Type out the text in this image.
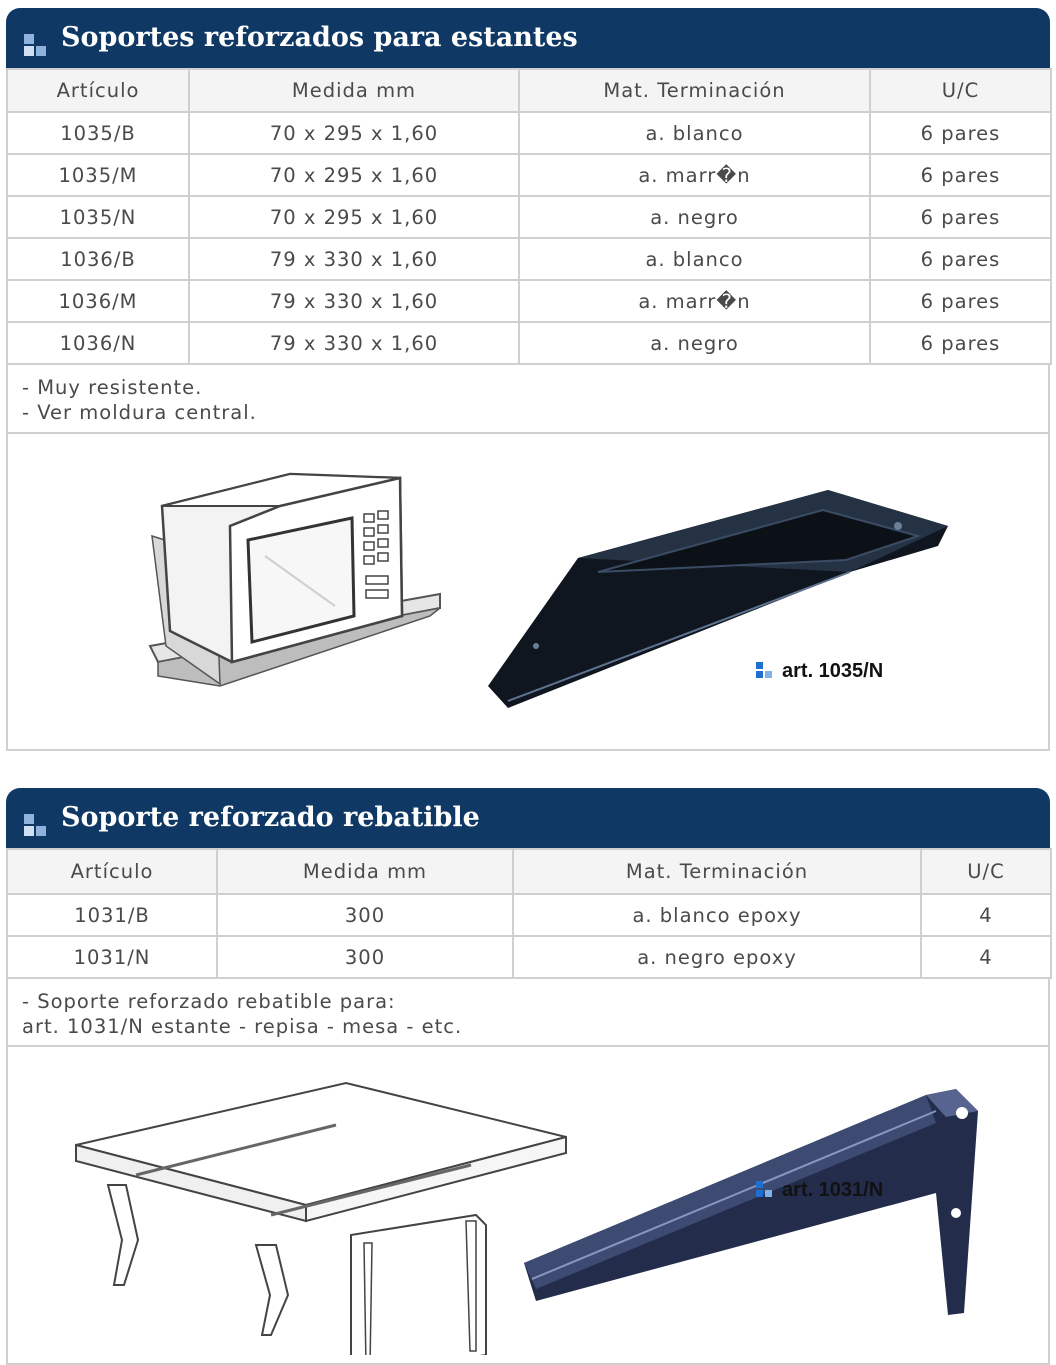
Soportes reforzados para estantes
Artículo	Medida mm	Mat. Terminación	U/C
1035/B	70 x 295 x 1,60	a. blanco	6 pares
1035/M	70 x 295 x 1,60	a. marr�n	6 pares
1035/N	70 x 295 x 1,60	a. negro	6 pares
1036/B	79 x 330 x 1,60	a. blanco	6 pares
1036/M	79 x 330 x 1,60	a. marr�n	6 pares
1036/N	79 x 330 x 1,60	a. negro	6 pares
- Muy resistente.
- Ver moldura central.
art. 1035/N
Soporte reforzado rebatible
Artículo	Medida mm	Mat. Terminación	U/C
1031/B	300	a. blanco epoxy	4
1031/N	300	a. negro epoxy	4
- Soporte reforzado rebatible para:
art. 1031/N estante - repisa - mesa - etc.
art. 1031/N
